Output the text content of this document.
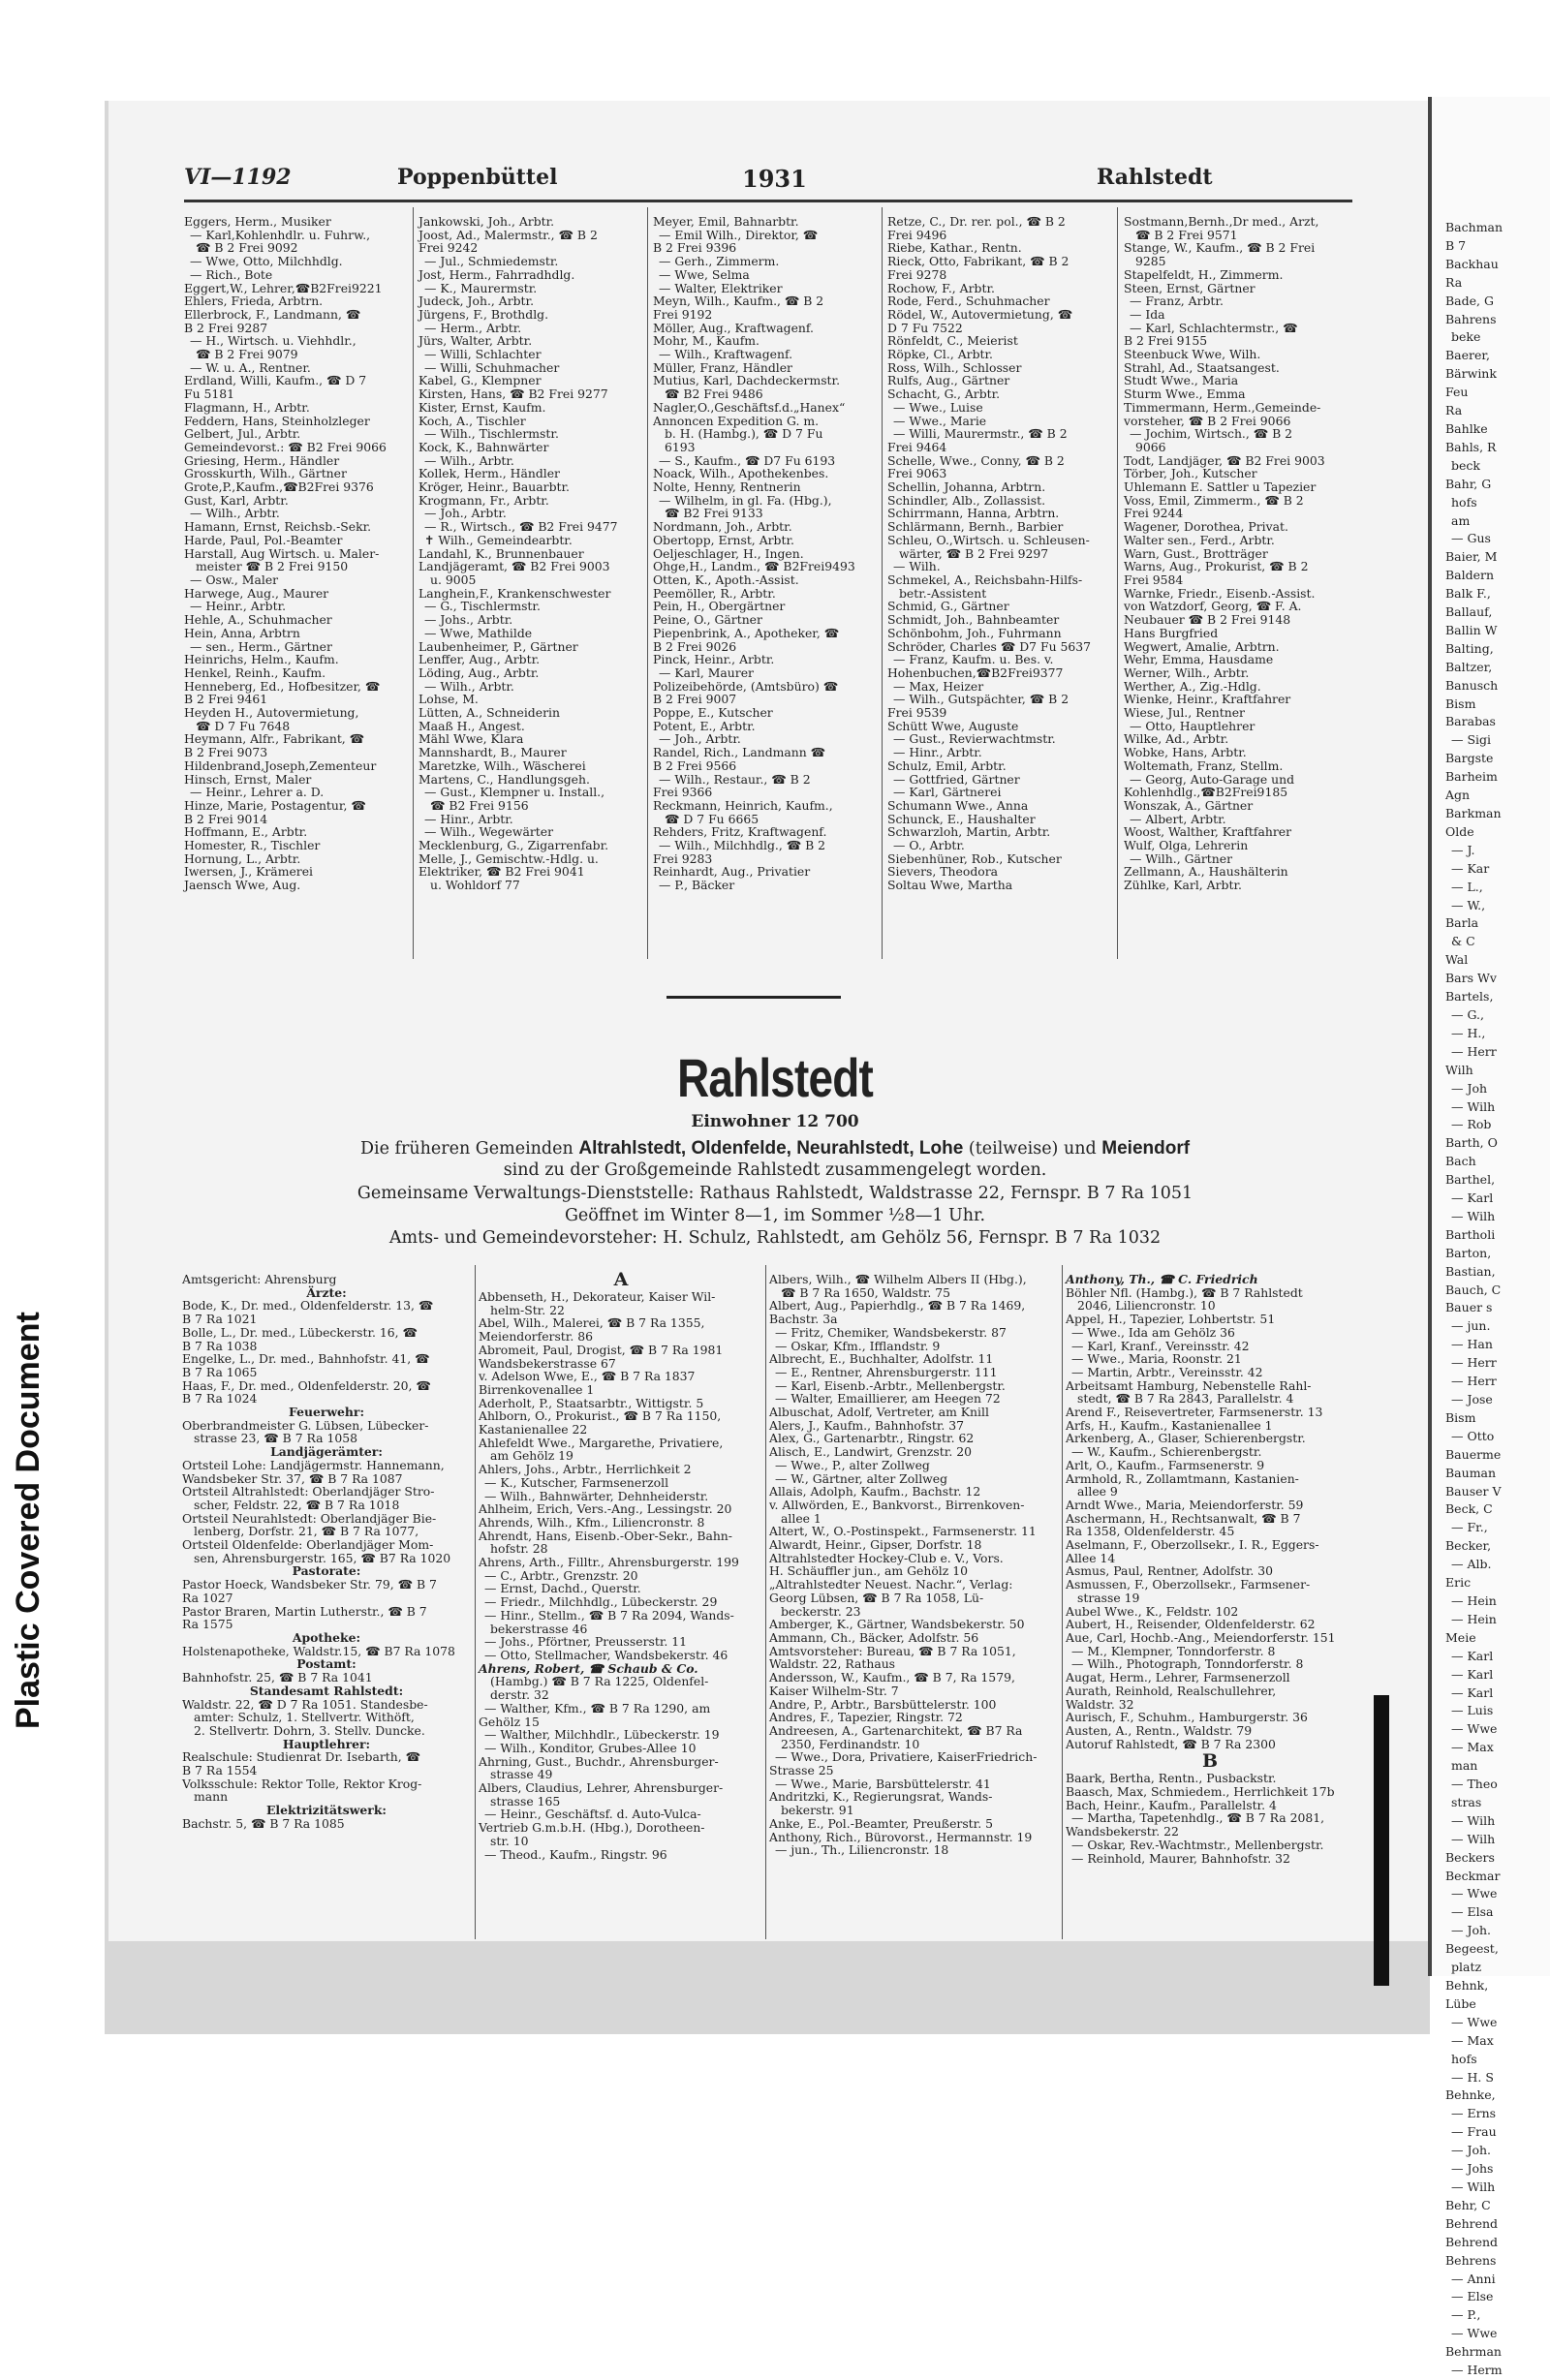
Bachman
B 7
Backhau
Ra
Bade, G
Bahrens
beke
Baerer,
Bärwink
Feu
Ra
Bahlke
Bahls, R
beck
Bahr, G
hofs
am
— Gus
Baier, M
Baldern
Balk F.,
Ballauf,
Ballin W
Balting,
Baltzer,
Banusch
Bism
Barabas
— Sigi
Bargste
Barheim
Agn
Barkman
Olde
— J.
— Kar
— L.,
— W.,
Barla
& C
Wal
Bars Wv
Bartels,
— G.,
— H.,
— Herr
Wilh
— Joh
— Wilh
— Rob
Barth, O
Bach
Barthel,
— Karl
— Wilh
Bartholi
Barton,
Bastian,
Bauch, C
Bauer s
— jun.
— Han
— Herr
— Herr
— Jose
Bism
— Otto
Bauerme
Bauman
Bauser V
Beck, C
— Fr.,
Becker,
— Alb.
Eric
— Hein
— Hein
Meie
— Karl
— Karl
— Karl
— Luis
— Wwe
— Max
man
— Theo
stras
— Wilh
— Wilh
Beckers
Beckmar
— Wwe
— Elsa
— Joh.
Begeest,
platz
Behnk,
Lübe
— Wwe
— Max
hofs
— H. S
Behnke,
— Erns
— Frau
— Joh.
— Johs
— Wilh
Behr, C
Behrend
Behrend
Behrens
— Anni
— Else
— P.,
— Wwe
Behrman
— Herm
Plastic Covered Document
VI—1192	Poppenbüttel	1931	Rahlstedt
Eggers, Herm., Musiker
— Karl,Kohlenhdlr. u. Fuhrw.,
☎ B 2 Frei 9092
— Wwe, Otto, Milchhdlg.
— Rich., Bote
Eggert,W., Lehrer,☎B2Frei9221
Ehlers, Frieda, Arbtrn.
Ellerbrock, F., Landmann, ☎
B 2 Frei 9287
— H., Wirtsch. u. Viehhdlr.,
☎ B 2 Frei 9079
— W. u. A., Rentner.
Erdland, Willi, Kaufm., ☎ D 7
Fu 5181
Flagmann, H., Arbtr.
Feddern, Hans, Steinholzleger
Gelbert, Jul., Arbtr.
Gemeindevorst.: ☎ B2 Frei 9066
Griesing, Herm., Händler
Grosskurth, Wilh., Gärtner
Grote,P.,Kaufm.,☎B2Frei 9376
Gust, Karl, Arbtr.
— Wilh., Arbtr.
Hamann, Ernst, Reichsb.-Sekr.
Harde, Paul, Pol.-Beamter
Harstall, Aug Wirtsch. u. Maler-
meister ☎ B 2 Frei 9150
— Osw., Maler
Harwege, Aug., Maurer
— Heinr., Arbtr.
Hehle, A., Schuhmacher
Hein, Anna, Arbtrn
— sen., Herm., Gärtner
Heinrichs, Helm., Kaufm.
Henkel, Reinh., Kaufm.
Henneberg, Ed., Hofbesitzer, ☎
B 2 Frei 9461
Heyden H., Autovermietung,
☎ D 7 Fu 7648
Heymann, Alfr., Fabrikant, ☎
B 2 Frei 9073
Hildenbrand,Joseph,Zementeur
Hinsch, Ernst, Maler
— Heinr., Lehrer a. D.
Hinze, Marie, Postagentur, ☎
B 2 Frei 9014
Hoffmann, E., Arbtr.
Homester, R., Tischler
Hornung, L., Arbtr.
Iwersen, J., Krämerei
Jaensch Wwe, Aug.
Jankowski, Joh., Arbtr.
Joost, Ad., Malermstr., ☎ B 2
Frei 9242
— Jul., Schmiedemstr.
Jost, Herm., Fahrradhdlg.
— K., Maurermstr.
Judeck, Joh., Arbtr.
Jürgens, F., Brothdlg.
— Herm., Arbtr.
Jürs, Walter, Arbtr.
— Willi, Schlachter
— Willi, Schuhmacher
Kabel, G., Klempner
Kirsten, Hans, ☎ B2 Frei 9277
Kister, Ernst, Kaufm.
Koch, A., Tischler
— Wilh., Tischlermstr.
Kock, K., Bahnwärter
— Wilh., Arbtr.
Kollek, Herm., Händler
Kröger, Heinr., Bauarbtr.
Krogmann, Fr., Arbtr.
— Joh., Arbtr.
— R., Wirtsch., ☎ B2 Frei 9477
✝ Wilh., Gemeindearbtr.
Landahl, K., Brunnenbauer
Landjägeramt, ☎ B2 Frei 9003
u. 9005
Langhein,F., Krankenschwester
— G., Tischlermstr.
— Johs., Arbtr.
— Wwe, Mathilde
Laubenheimer, P., Gärtner
Lenffer, Aug., Arbtr.
Löding, Aug., Arbtr.
— Wilh., Arbtr.
Lohse, M.
Lütten, A., Schneiderin
Maaß H., Angest.
Mähl Wwe, Klara
Mannshardt, B., Maurer
Maretzke, Wilh., Wäscherei
Martens, C., Handlungsgeh.
— Gust., Klempner u. Install.,
☎ B2 Frei 9156
— Hinr., Arbtr.
— Wilh., Wegewärter
Mecklenburg, G., Zigarrenfabr.
Melle, J., Gemischtw.-Hdlg. u.
Elektriker, ☎ B2 Frei 9041
u. Wohldorf 77
Meyer, Emil, Bahnarbtr.
— Emil Wilh., Direktor, ☎
B 2 Frei 9396
— Gerh., Zimmerm.
— Wwe, Selma
— Walter, Elektriker
Meyn, Wilh., Kaufm., ☎ B 2
Frei 9192
Möller, Aug., Kraftwagenf.
Mohr, M., Kaufm.
— Wilh., Kraftwagenf.
Müller, Franz, Händler
Mutius, Karl, Dachdeckermstr.
☎ B2 Frei 9486
Nagler,O.,Geschäftsf.d.„Hanex“
Annoncen Expedition G. m.
b. H. (Hambg.), ☎ D 7 Fu
6193
— S., Kaufm., ☎ D7 Fu 6193
Noack, Wilh., Apothekenbes.
Nolte, Henny, Rentnerin
— Wilhelm, in gl. Fa. (Hbg.),
☎ B2 Frei 9133
Nordmann, Joh., Arbtr.
Obertopp, Ernst, Arbtr.
Oeljeschlager, H., Ingen.
Ohge,H., Landm., ☎ B2Frei9493
Otten, K., Apoth.-Assist.
Peemöller, R., Arbtr.
Pein, H., Obergärtner
Peine, O., Gärtner
Piepenbrink, A., Apotheker, ☎
B 2 Frei 9026
Pinck, Heinr., Arbtr.
— Karl, Maurer
Polizeibehörde, (Amtsbüro) ☎
B 2 Frei 9007
Poppe, E., Kutscher
Potent, E., Arbtr.
— Joh., Arbtr.
Randel, Rich., Landmann ☎
B 2 Frei 9566
— Wilh., Restaur., ☎ B 2
Frei 9366
Reckmann, Heinrich, Kaufm.,
☎ D 7 Fu 6665
Rehders, Fritz, Kraftwagenf.
— Wilh., Milchhdlg., ☎ B 2
Frei 9283
Reinhardt, Aug., Privatier
— P., Bäcker
Retze, C., Dr. rer. pol., ☎ B 2
Frei 9496
Riebe, Kathar., Rentn.
Rieck, Otto, Fabrikant, ☎ B 2
Frei 9278
Rochow, F., Arbtr.
Rode, Ferd., Schuhmacher
Rödel, W., Autovermietung, ☎
D 7 Fu 7522
Rönfeldt, C., Meierist
Röpke, Cl., Arbtr.
Ross, Wilh., Schlosser
Rulfs, Aug., Gärtner
Schacht, G., Arbtr.
— Wwe., Luise
— Wwe., Marie
— Willi, Maurermstr., ☎ B 2
Frei 9464
Schelle, Wwe., Conny, ☎ B 2
Frei 9063
Schellin, Johanna, Arbtrn.
Schindler, Alb., Zollassist.
Schirrmann, Hanna, Arbtrn.
Schlärmann, Bernh., Barbier
Schleu, O.,Wirtsch. u. Schleusen-
wärter, ☎ B 2 Frei 9297
— Wilh.
Schmekel, A., Reichsbahn-Hilfs-
betr.-Assistent
Schmid, G., Gärtner
Schmidt, Joh., Bahnbeamter
Schönbohm, Joh., Fuhrmann
Schröder, Charles ☎ D7 Fu 5637
— Franz, Kaufm. u. Bes. v.
Hohenbuchen,☎B2Frei9377
— Max, Heizer
— Wilh., Gutspächter, ☎ B 2
Frei 9539
Schütt Wwe, Auguste
— Gust., Revierwachtmstr.
— Hinr., Arbtr.
Schulz, Emil, Arbtr.
— Gottfried, Gärtner
— Karl, Gärtnerei
Schumann Wwe., Anna
Schunck, E., Haushalter
Schwarzloh, Martin, Arbtr.
— O., Arbtr.
Siebenhüner, Rob., Kutscher
Sievers, Theodora
Soltau Wwe, Martha
Sostmann,Bernh.,Dr med., Arzt,
☎ B 2 Frei 9571
Stange, W., Kaufm., ☎ B 2 Frei
9285
Stapelfeldt, H., Zimmerm.
Steen, Ernst, Gärtner
— Franz, Arbtr.
— Ida
— Karl, Schlachtermstr., ☎
B 2 Frei 9155
Steenbuck Wwe, Wilh.
Strahl, Ad., Staatsangest.
Studt Wwe., Maria
Sturm Wwe., Emma
Timmermann, Herm.,Gemeinde-
vorsteher, ☎ B 2 Frei 9066
— Jochim, Wirtsch., ☎ B 2
9066
Todt, Landjäger, ☎ B2 Frei 9003
Törber, Joh., Kutscher
Uhlemann E. Sattler u Tapezier
Voss, Emil, Zimmerm., ☎ B 2
Frei 9244
Wagener, Dorothea, Privat.
Walter sen., Ferd., Arbtr.
Warn, Gust., Brotträger
Warns, Aug., Prokurist, ☎ B 2
Frei 9584
Warnke, Friedr., Eisenb.-Assist.
von Watzdorf, Georg, ☎ F. A.
Neubauer ☎ B 2 Frei 9148
Hans Burgfried
Wegwert, Amalie, Arbtrn.
Wehr, Emma, Hausdame
Werner, Wilh., Arbtr.
Werther, A., Zig.-Hdlg.
Wienke, Heinr., Kraftfahrer
Wiese, Jul., Rentner
— Otto, Hauptlehrer
Wilke, Ad., Arbtr.
Wobke, Hans, Arbtr.
Woltemath, Franz, Stellm.
— Georg, Auto-Garage und
Kohlenhdlg.,☎B2Frei9185
Wonszak, A., Gärtner
— Albert, Arbtr.
Woost, Walther, Kraftfahrer
Wulf, Olga, Lehrerin
— Wilh., Gärtner
Zellmann, A., Haushälterin
Zühlke, Karl, Arbtr.
Rahlstedt
Einwohner 12 700
Die früheren Gemeinden Altrahlstedt, Oldenfelde, Neurahlstedt, Lohe (teilweise) und Meiendorf
sind zu der Großgemeinde Rahlstedt zusammengelegt worden.
Gemeinsame Verwaltungs-Dienststelle: Rathaus Rahlstedt, Waldstrasse 22, Fernspr. B 7 Ra 1051
Geöffnet im Winter 8—1, im Sommer ½8—1 Uhr.
Amts- und Gemeindevorsteher: H. Schulz, Rahlstedt, am Gehölz 56, Fernspr. B 7 Ra 1032
Amtsgericht: Ahrensburg
Ärzte:
Bode, K., Dr. med., Oldenfelderstr. 13, ☎
B 7 Ra 1021
Bolle, L., Dr. med., Lübeckerstr. 16, ☎
B 7 Ra 1038
Engelke, L., Dr. med., Bahnhofstr. 41, ☎
B 7 Ra 1065
Haas, F., Dr. med., Oldenfelderstr. 20, ☎
B 7 Ra 1024
Feuerwehr:
Oberbrandmeister G. Lübsen, Lübecker-
strasse 23, ☎ B 7 Ra 1058
Landjägerämter:
Ortsteil Lohe: Landjägermstr. Hannemann,
Wandsbeker Str. 37, ☎ B 7 Ra 1087
Ortsteil Altrahlstedt: Oberlandjäger Stro-
scher, Feldstr. 22, ☎ B 7 Ra 1018
Ortsteil Neurahlstedt: Oberlandjäger Bie-
lenberg, Dorfstr. 21, ☎ B 7 Ra 1077,
Ortsteil Oldenfelde: Oberlandjäger Mom-
sen, Ahrensburgerstr. 165, ☎ B7 Ra 1020
Pastorate:
Pastor Hoeck, Wandsbeker Str. 79, ☎ B 7
Ra 1027
Pastor Braren, Martin Lutherstr., ☎ B 7
Ra 1575
Apotheke:
Holstenapotheke, Waldstr.15, ☎ B7 Ra 1078
Postamt:
Bahnhofstr. 25, ☎ B 7 Ra 1041
Standesamt Rahlstedt:
Waldstr. 22, ☎ D 7 Ra 1051. Standesbe-
amter: Schulz, 1. Stellvertr. Withöft,
2. Stellvertr. Dohrn, 3. Stellv. Duncke.
Hauptlehrer:
Realschule: Studienrat Dr. Isebarth, ☎
B 7 Ra 1554
Volksschule: Rektor Tolle, Rektor Krog-
mann
Elektrizitätswerk:
Bachstr. 5, ☎ B 7 Ra 1085
A
Abbenseth, H., Dekorateur, Kaiser Wil-
helm-Str. 22
Abel, Wilh., Malerei, ☎ B 7 Ra 1355,
Meiendorferstr. 86
Abromeit, Paul, Drogist, ☎ B 7 Ra 1981
Wandsbekerstrasse 67
v. Adelson Wwe, E., ☎ B 7 Ra 1837
Birrenkovenallee 1
Aderholt, P., Staatsarbtr., Wittigstr. 5
Ahlborn, O., Prokurist., ☎ B 7 Ra 1150,
Kastanienallee 22
Ahlefeldt Wwe., Margarethe, Privatiere,
am Gehölz 19
Ahlers, Johs., Arbtr., Herrlichkeit 2
— K., Kutscher, Farmsenerzoll
— Wilh., Bahnwärter, Dehnheiderstr.
Ahlheim, Erich, Vers.-Ang., Lessingstr. 20
Ahrends, Wilh., Kfm., Liliencronstr. 8
Ahrendt, Hans, Eisenb.-Ober-Sekr., Bahn-
hofstr. 28
Ahrens, Arth., Filltr., Ahrensburgerstr. 199
— C., Arbtr., Grenzstr. 20
— Ernst, Dachd., Querstr.
— Friedr., Milchhdlg., Lübeckerstr. 29
— Hinr., Stellm., ☎ B 7 Ra 2094, Wands-
bekerstrasse 46
— Johs., Pförtner, Preusserstr. 11
— Otto, Stellmacher, Wandsbekerstr. 46
Ahrens, Robert, ☎ Schaub & Co.
(Hambg.) ☎ B 7 Ra 1225, Oldenfel-
derstr. 32
— Walther, Kfm., ☎ B 7 Ra 1290, am
Gehölz 15
— Walther, Milchhdlr., Lübeckerstr. 19
— Wilh., Konditor, Grubes-Allee 10
Ahrning, Gust., Buchdr., Ahrensburger-
strasse 49
Albers, Claudius, Lehrer, Ahrensburger-
strasse 165
— Heinr., Geschäftsf. d. Auto-Vulca-
Vertrieb G.m.b.H. (Hbg.), Dorotheen-
str. 10
— Theod., Kaufm., Ringstr. 96
Albers, Wilh., ☎ Wilhelm Albers II (Hbg.),
☎ B 7 Ra 1650, Waldstr. 75
Albert, Aug., Papierhdlg., ☎ B 7 Ra 1469,
Bachstr. 3a
— Fritz, Chemiker, Wandsbekerstr. 87
— Oskar, Kfm., Ifflandstr. 9
Albrecht, E., Buchhalter, Adolfstr. 11
— E., Rentner, Ahrensburgerstr. 111
— Karl, Eisenb.-Arbtr., Mellenbergstr.
— Walter, Emaillierer, am Heegen 72
Albuschat, Adolf, Vertreter, am Knill
Alers, J., Kaufm., Bahnhofstr. 37
Alex, G., Gartenarbtr., Ringstr. 62
Alisch, E., Landwirt, Grenzstr. 20
— Wwe., P., alter Zollweg
— W., Gärtner, alter Zollweg
Allais, Adolph, Kaufm., Bachstr. 12
v. Allwörden, E., Bankvorst., Birrenkoven-
allee 1
Altert, W., O.-Postinspekt., Farmsenerstr. 11
Alwardt, Heinr., Gipser, Dorfstr. 18
Altrahlstedter Hockey-Club e. V., Vors.
H. Schäuffler jun., am Gehölz 10
„Altrahlstedter Neuest. Nachr.“, Verlag:
Georg Lübsen, ☎ B 7 Ra 1058, Lü-
beckerstr. 23
Amberger, K., Gärtner, Wandsbekerstr. 50
Ammann, Ch., Bäcker, Adolfstr. 56
Amtsvorsteher: Bureau, ☎ B 7 Ra 1051,
Waldstr. 22, Rathaus
Andersson, W., Kaufm., ☎ B 7, Ra 1579,
Kaiser Wilhelm-Str. 7
Andre, P., Arbtr., Barsbüttelerstr. 100
Andres, F., Tapezier, Ringstr. 72
Andreesen, A., Gartenarchitekt, ☎ B7 Ra
2350, Ferdinandstr. 10
— Wwe., Dora, Privatiere, KaiserFriedrich-
Strasse 25
— Wwe., Marie, Barsbüttelerstr. 41
Andritzki, K., Regierungsrat, Wands-
bekerstr. 91
Anke, E., Pol.-Beamter, Preußerstr. 5
Anthony, Rich., Bürovorst., Hermannstr. 19
— jun., Th., Liliencronstr. 18
Anthony, Th., ☎ C. Friedrich
Böhler Nfl. (Hambg.), ☎ B 7 Rahlstedt
2046, Liliencronstr. 10
Appel, H., Tapezier, Lohbertstr. 51
— Wwe., Ida am Gehölz 36
— Karl, Kranf., Vereinsstr. 42
— Wwe., Maria, Roonstr. 21
— Martin, Arbtr., Vereinsstr. 42
Arbeitsamt Hamburg, Nebenstelle Rahl-
stedt, ☎ B 7 Ra 2843, Parallelstr. 4
Arend F., Reisevertreter, Farmsenerstr. 13
Arfs, H., Kaufm., Kastanienallee 1
Arkenberg, A., Glaser, Schierenbergstr.
— W., Kaufm., Schierenbergstr.
Arlt, O., Kaufm., Farmsenerstr. 9
Armhold, R., Zollamtmann, Kastanien-
allee 9
Arndt Wwe., Maria, Meiendorferstr. 59
Aschermann, H., Rechtsanwalt, ☎ B 7
Ra 1358, Oldenfelderstr. 45
Aselmann, F., Oberzollsekr., I. R., Eggers-
Allee 14
Asmus, Paul, Rentner, Adolfstr. 30
Asmussen, F., Oberzollsekr., Farmsener-
strasse 19
Aubel Wwe., K., Feldstr. 102
Aubert, H., Reisender, Oldenfelderstr. 62
Aue, Carl, Hochb.-Ang., Meiendorferstr. 151
— M., Klempner, Tonndorferstr. 8
— Wilh., Photograph, Tonndorferstr. 8
Augat, Herm., Lehrer, Farmsenerzoll
Aurath, Reinhold, Realschullehrer,
Waldstr. 32
Aurisch, F., Schuhm., Hamburgerstr. 36
Austen, A., Rentn., Waldstr. 79
Autoruf Rahlstedt, ☎ B 7 Ra 2300
B
Baark, Bertha, Rentn., Pusbackstr.
Baasch, Max, Schmiedem., Herrlichkeit 17b
Bach, Heinr., Kaufm., Parallelstr. 4
— Martha, Tapetenhdlg., ☎ B 7 Ra 2081,
Wandsbekerstr. 22
— Oskar, Rev.-Wachtmstr., Mellenbergstr.
— Reinhold, Maurer, Bahnhofstr. 32
